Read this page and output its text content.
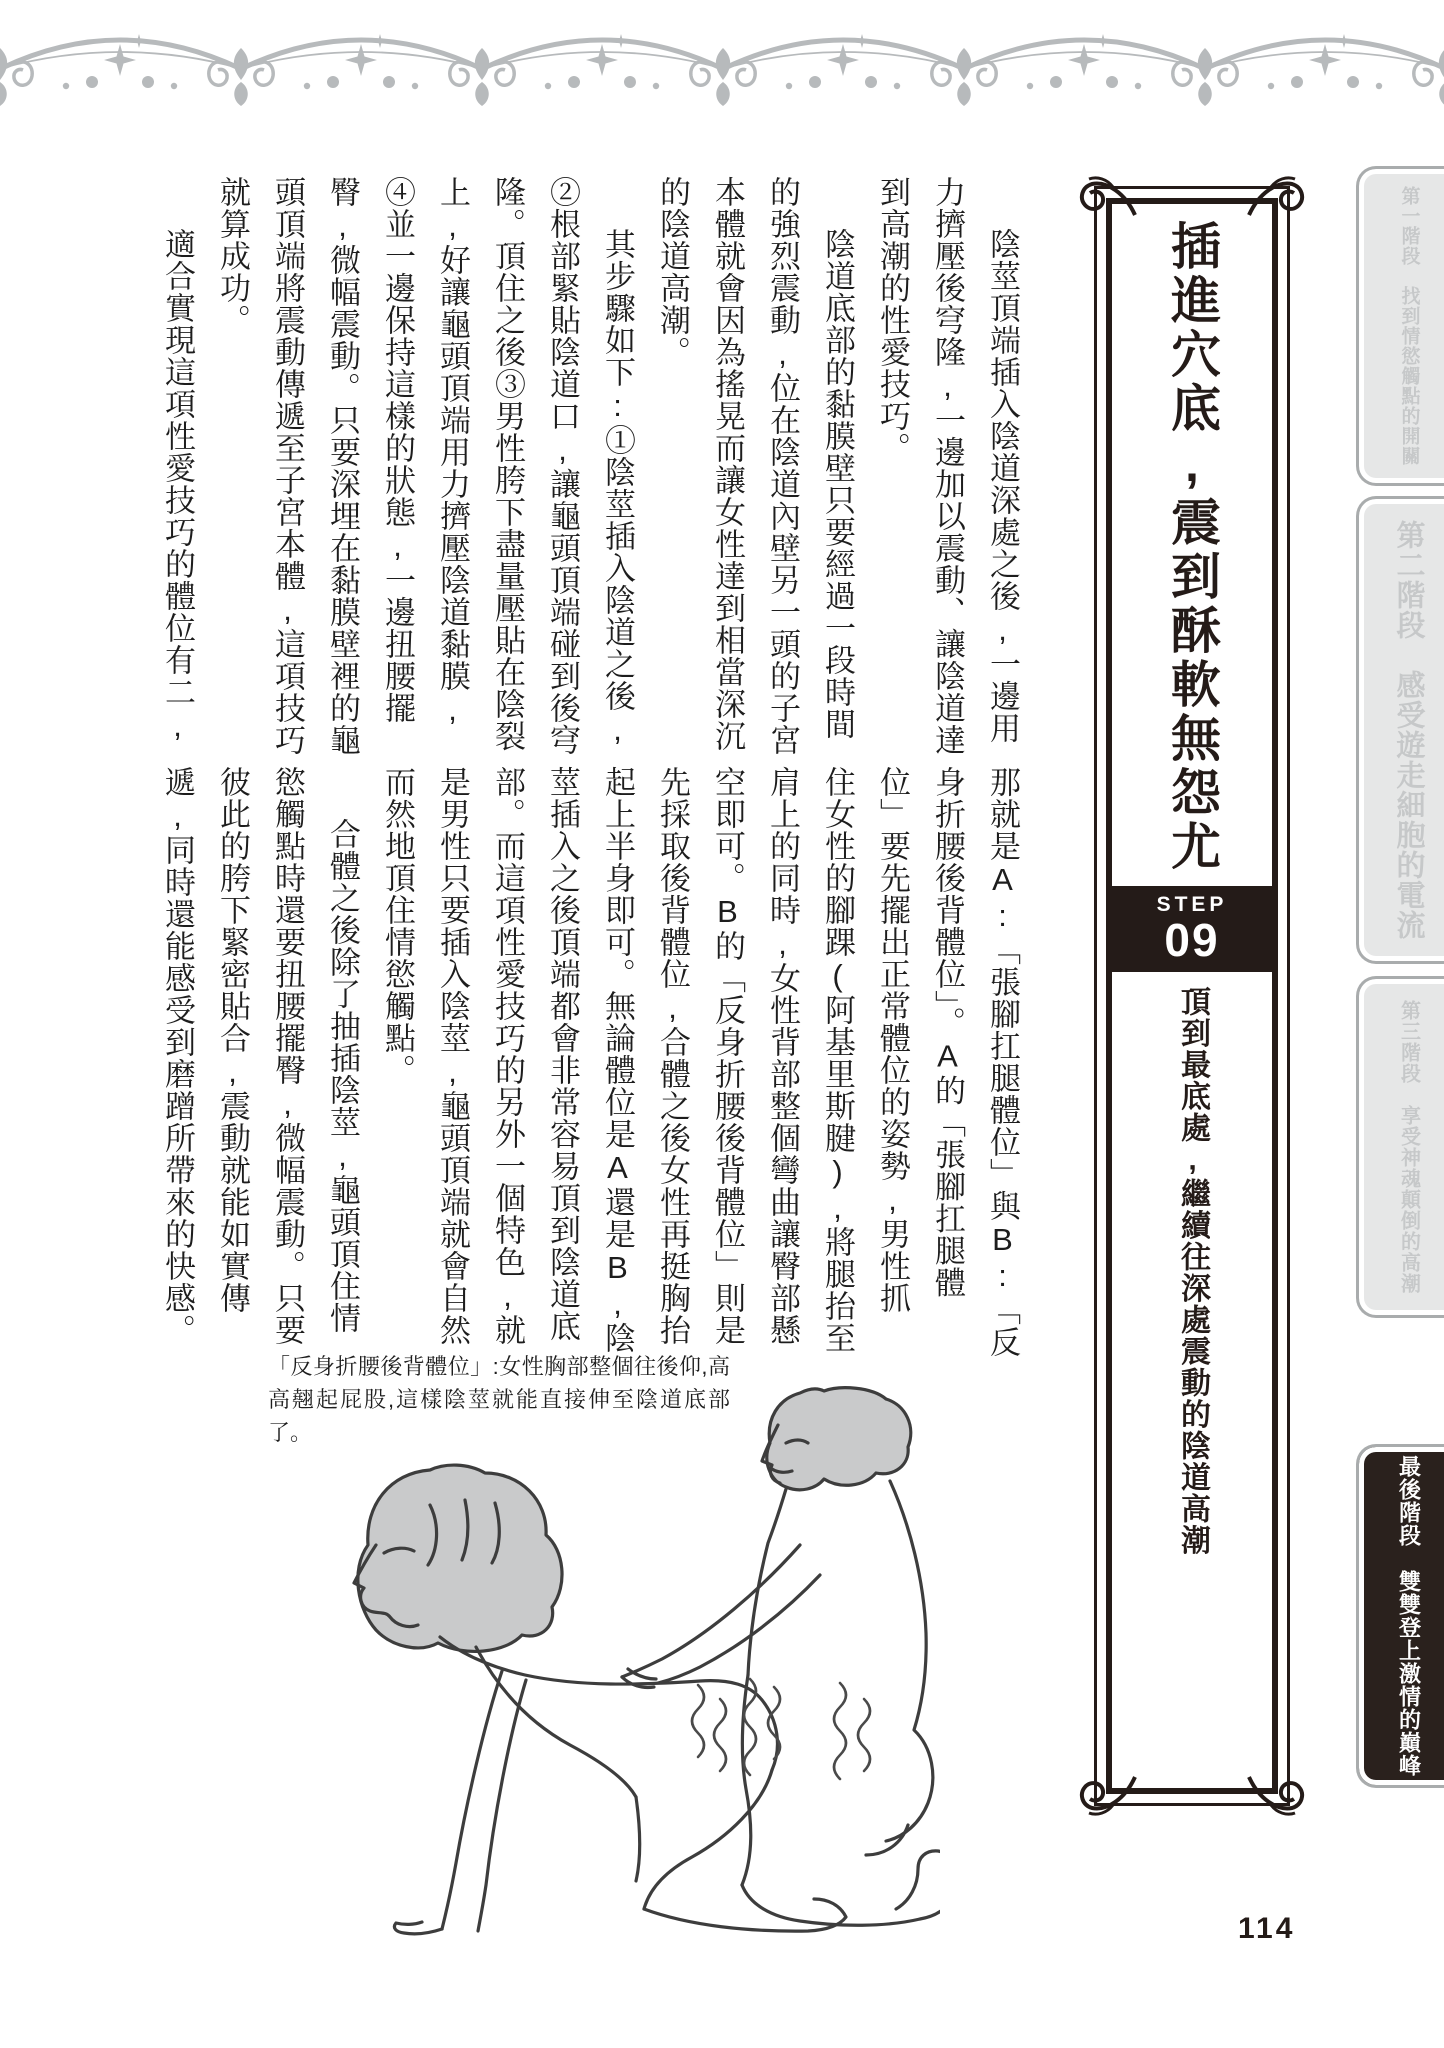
陰莖頂端插入陰道深處之後,一邊用

力擠壓後穹隆,一邊加以震動、讓陰道達

到高潮的性愛技巧。

陰道底部的黏膜壁只要經過一段時間

的強烈震動,位在陰道內壁另一頭的子宮

本體就會因為搖晃而讓女性達到相當深沉

的陰道高潮。

其步驟如下:①陰莖插入陰道之後,

②根部緊貼陰道口,讓龜頭頂端碰到後穹

隆。頂住之後③男性胯下盡量壓貼在陰裂

上,好讓龜頭頂端用力擠壓陰道黏膜,

④並一邊保持這樣的狀態,一邊扭腰擺

臀,微幅震動。只要深埋在黏膜壁裡的龜

頭頂端將震動傳遞至子宮本體,這項技巧

就算成功。

適合實現這項性愛技巧的體位有二,

那就是A:「張腳扛腿體位」與B:「反

身折腰後背體位」。A的「張腳扛腿體

位」要先擺出正常體位的姿勢,男性抓

住女性的腳踝(阿基里斯腱),將腿抬至

肩上的同時,女性背部整個彎曲讓臀部懸

空即可。B的「反身折腰後背體位」則是

先採取後背體位,合體之後女性再挺胸抬

起上半身即可。無論體位是A還是B,陰

莖插入之後頂端都會非常容易頂到陰道底

部。而這項性愛技巧的另外一個特色,就

是男性只要插入陰莖,龜頭頂端就會自然

而然地頂住情慾觸點。

合體之後除了抽插陰莖,龜頭頂住情

慾觸點時還要扭腰擺臀,微幅震動。只要

彼此的胯下緊密貼合,震動就能如實傳

遞,同時還能感受到磨蹭所帶來的快感。

插進穴底,震到酥軟無怨尤
STEP
09
頂到最底處,繼續往深處震動的陰道高潮
第一階段　找到情慾觸點的開關
第二階段　感受遊走細胞的電流
第三階段　享受神魂顛倒的高潮
最後階段　雙雙登上激情的巔峰
「反身折腰後背體位」:女性胸部整個往後仰,高高翹起屁股,這樣陰莖就能直接伸至陰道底部了。
114
